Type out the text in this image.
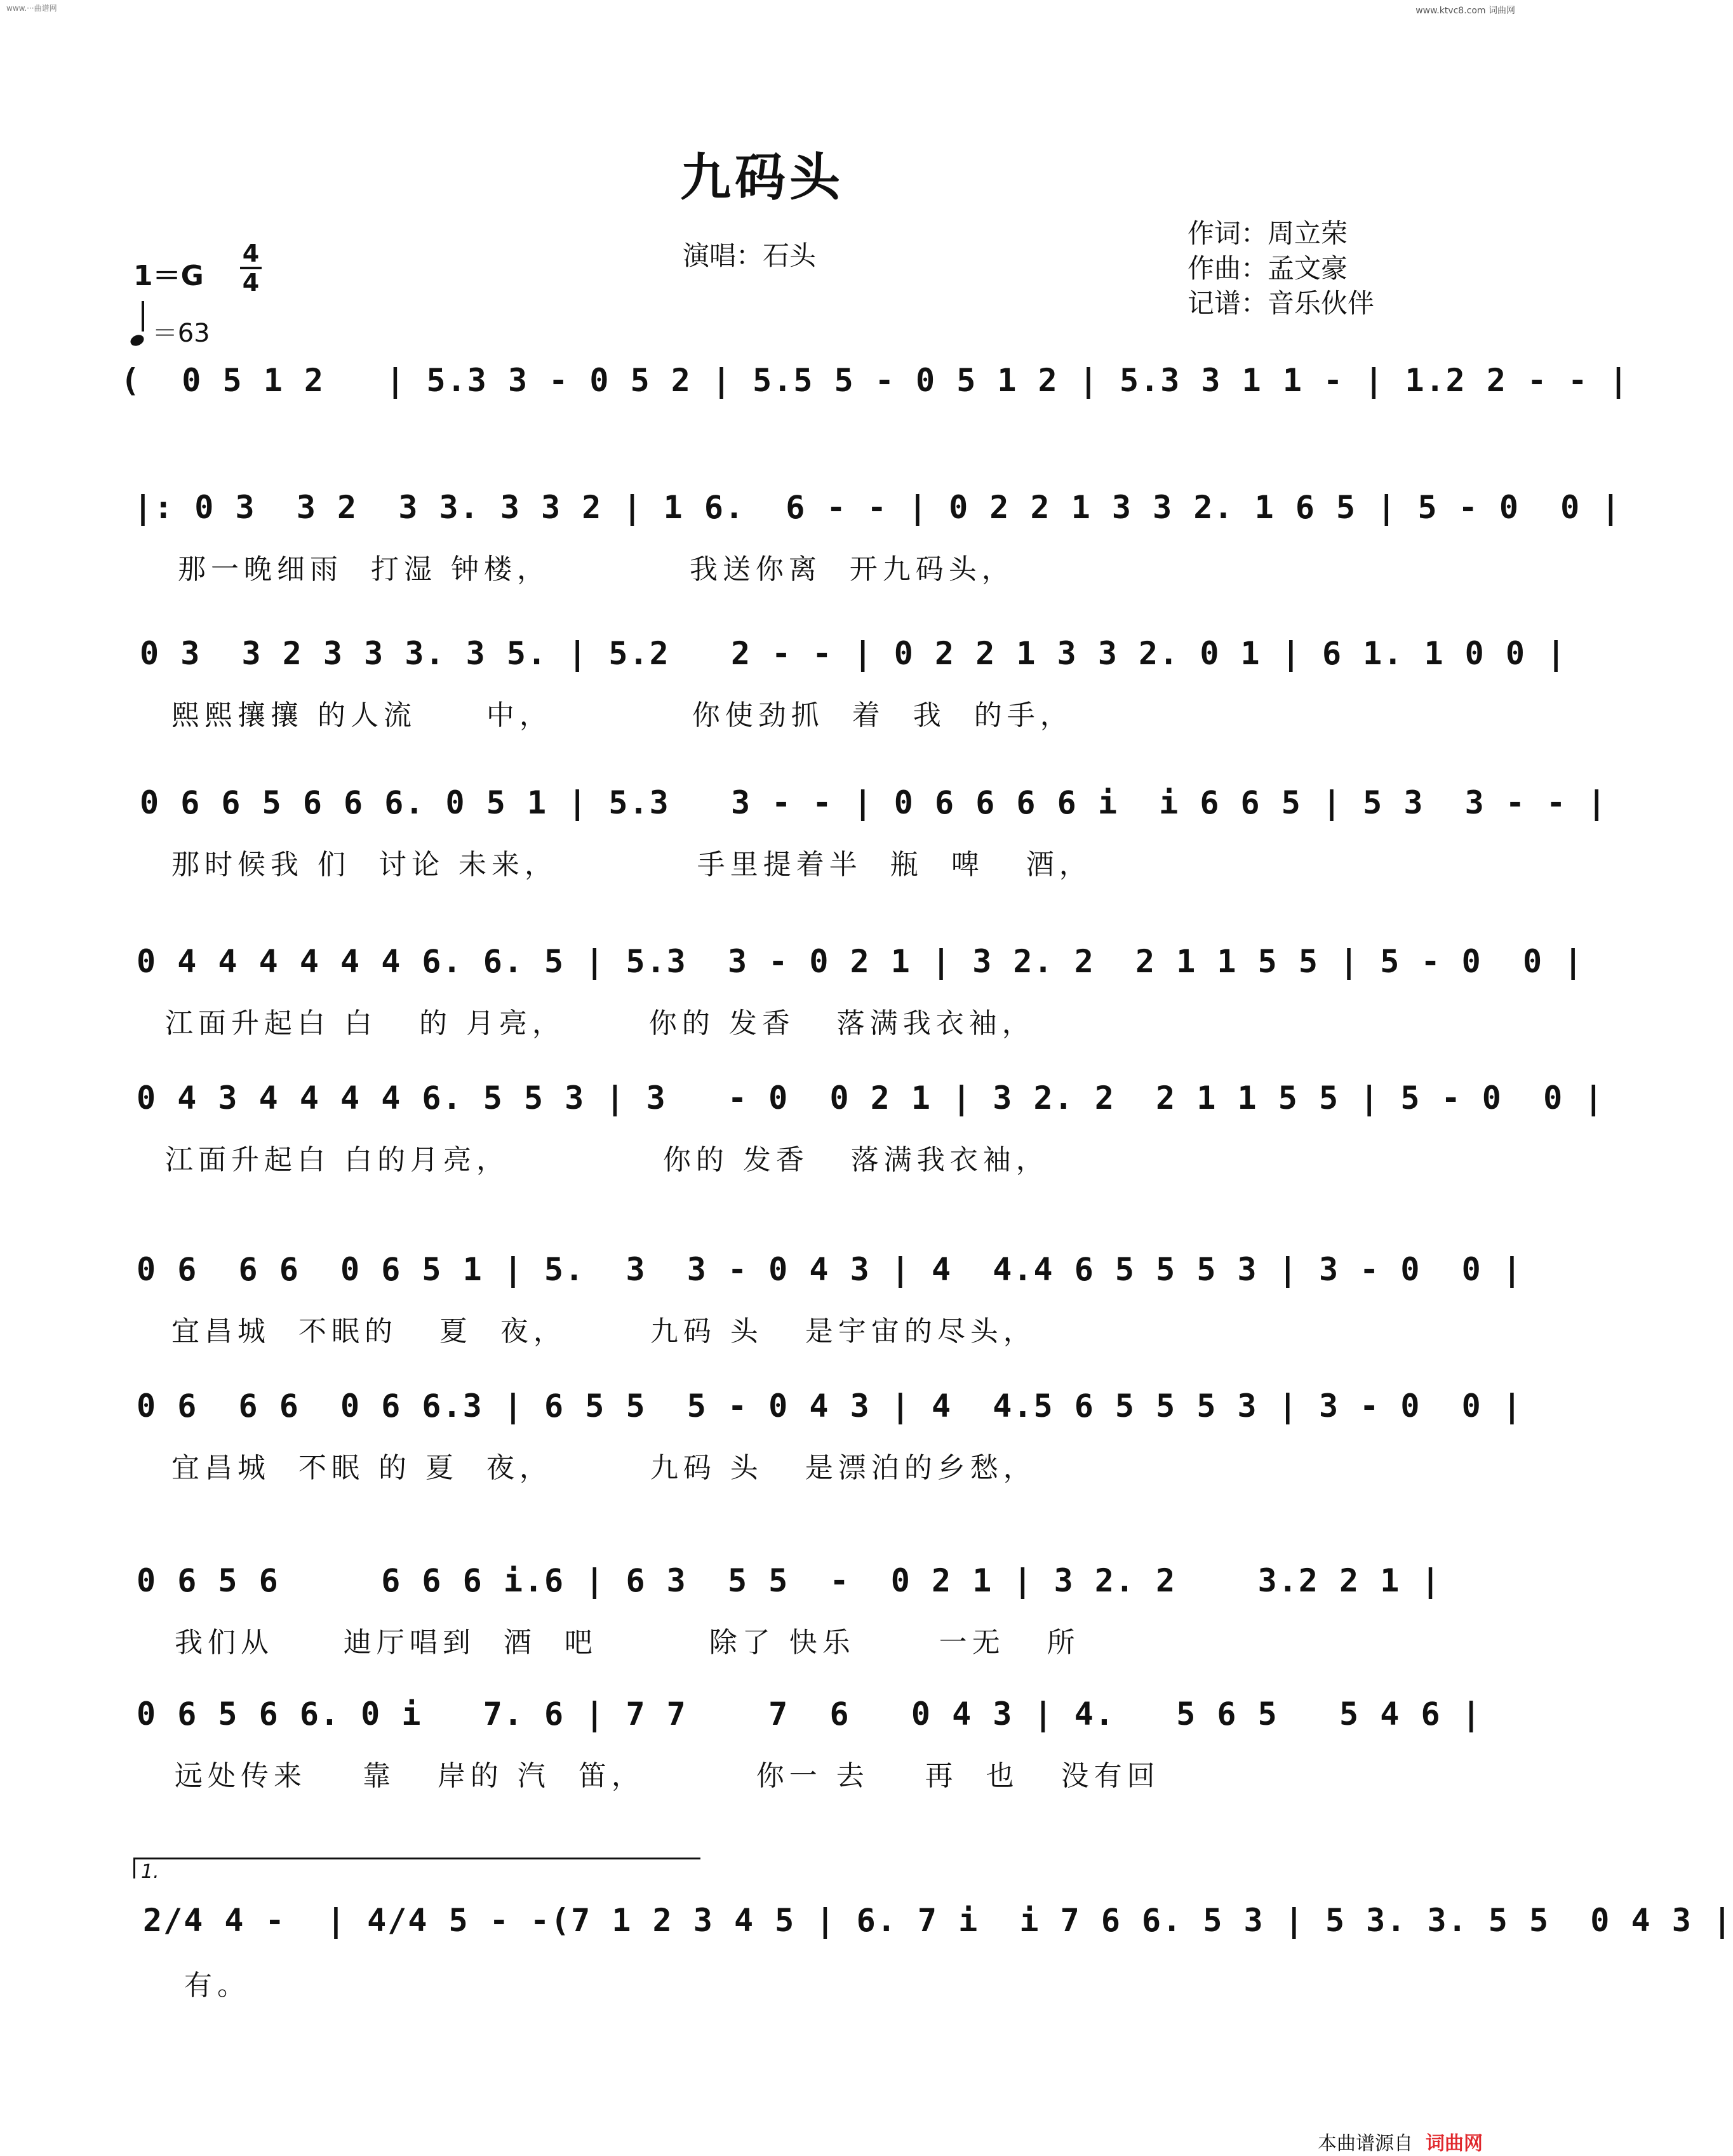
www.···曲谱网	www.ktvc8.com 词曲网
九码头
演唱：石头
作词：周立荣
作曲：孟文豪
记谱：音乐伙伴
1＝G
4
4
＝63
(  0 5 1 2   | 5.3 3 - 0 5 2 | 5.5 5 - 0 5 1 2 | 5.3 3 1 1 - | 1.2 2 - - |
|: 0 3  3 2  3 3. 3 3 2 | 1 6.  6 - - | 0 2 2 1 3 3 2. 1 6 5 | 5 - 0  0 |
那一晚细雨  打湿 钟楼，          我送你离  开九码头，
0 3  3 2 3 3 3. 3 5. | 5.2   2 - - | 0 2 2 1 3 3 2. 0 1 | 6 1. 1 0 0 |
熙熙攘攘 的人流     中，          你使劲抓  着  我  的手，
0 6 6 5 6 6 6. 0 5 1 | 5.3   3 - - | 0 6 6 6 6 i  i 6 6 5 | 5 3  3 - - |
那时候我 们  讨论 未来，          手里提着半  瓶  啤   酒，
0 4 4 4 4 4 4 6. 6. 5 | 5.3  3 - 0 2 1 | 3 2. 2  2 1 1 5 5 | 5 - 0  0 |
江面升起白 白   的 月亮，      你的 发香   落满我衣袖，
0 4 3 4 4 4 4 6. 5 5 3 | 3   - 0  0 2 1 | 3 2. 2  2 1 1 5 5 | 5 - 0  0 |
江面升起白 白的月亮，           你的 发香   落满我衣袖，
0 6  6 6  0 6 5 1 | 5.  3  3 - 0 4 3 | 4  4.4 6 5 5 5 3 | 3 - 0  0 |
宜昌城  不眠的   夏  夜，      九码 头   是宇宙的尽头，
0 6  6 6  0 6 6.3 | 6 5 5  5 - 0 4 3 | 4  4.5 6 5 5 5 3 | 3 - 0  0 |
宜昌城  不眠 的 夏  夜，       九码 头   是漂泊的乡愁，
0 6 5 6     6 6 6 i.6 | 6 3  5 5  -  0 2 1 | 3 2. 2    3.2 2 1 |
我们从     迪厅唱到  酒  吧        除了 快乐      一无   所
0 6 5 6 6. 0 i   7. 6 | 7 7    7  6   0 4 3 | 4.   5 6 5   5 4 6 |
远处传来    靠   岸的 汽  笛，        你一 去    再  也   没有回
1.
2/4 4 -  | 4/4 5 - -(7 1 2 3 4 5 | 6. 7 i  i 7 6 6. 5 3 | 5 3. 3. 5 5  0 4 3 |
有。
本曲谱源自 词曲网
